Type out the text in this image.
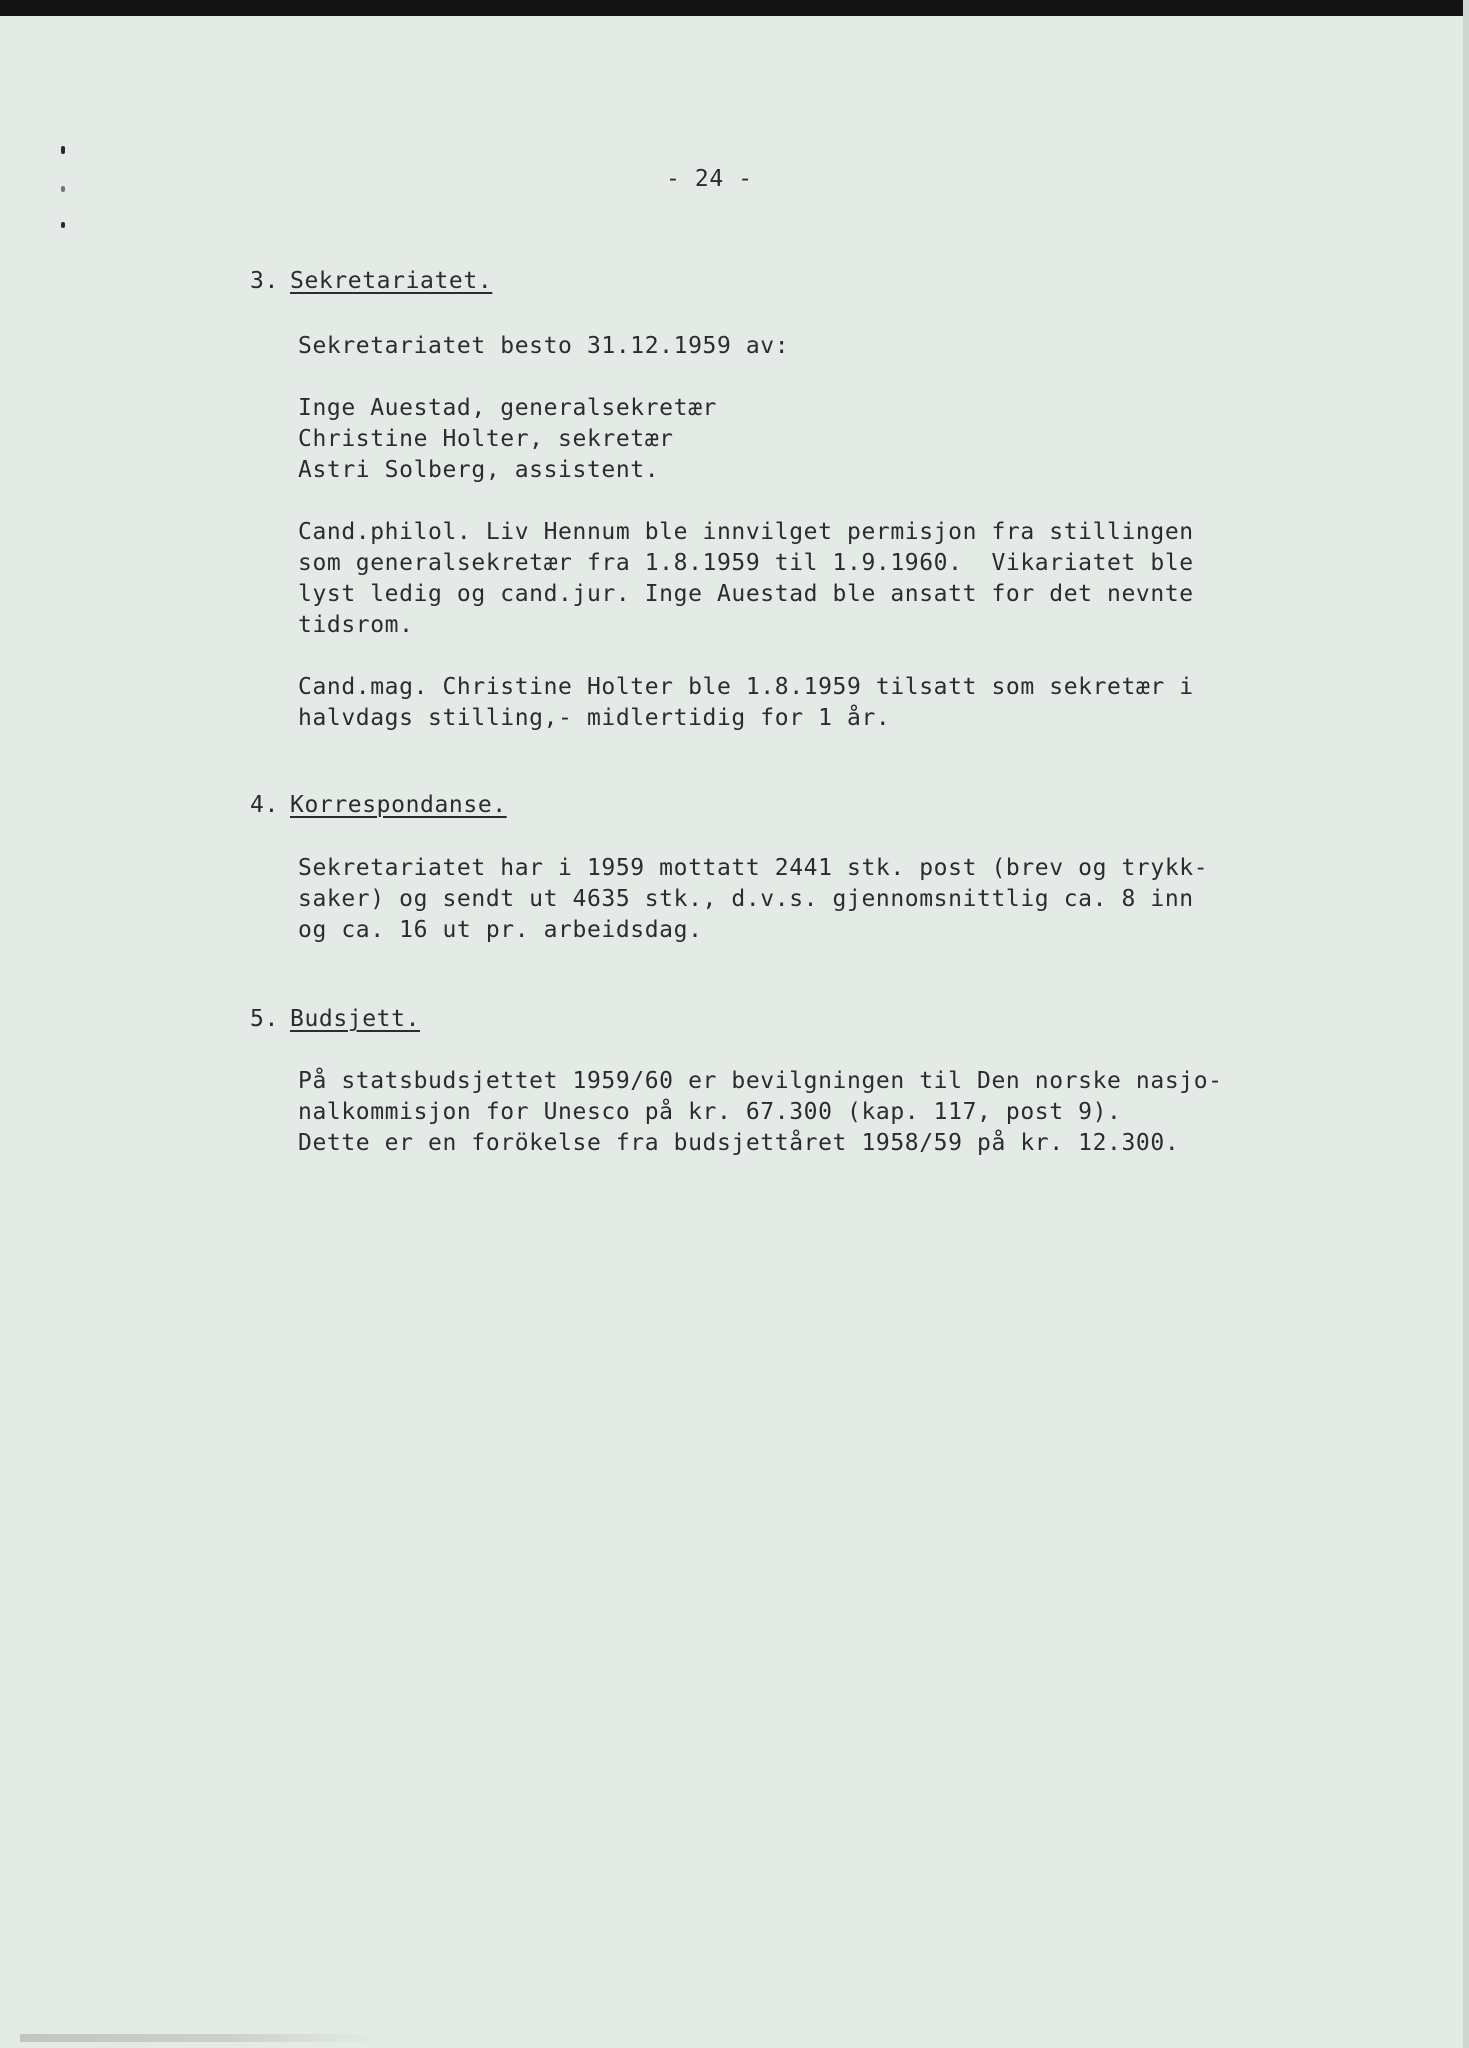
- 24 -
3. Sekretariatet.
Sekretariatet besto 31.12.1959 av:
Inge Auestad, generalsekretær
Christine Holter, sekretær
Astri Solberg, assistent.
Cand.philol. Liv Hennum ble innvilget permisjon fra stillingen
som generalsekretær fra 1.8.1959 til 1.9.1960.  Vikariatet ble
lyst ledig og cand.jur. Inge Auestad ble ansatt for det nevnte
tidsrom.
Cand.mag. Christine Holter ble 1.8.1959 tilsatt som sekretær i
halvdags stilling,- midlertidig for 1 år.
4. Korrespondanse.
Sekretariatet har i 1959 mottatt 2441 stk. post (brev og trykk-
saker) og sendt ut 4635 stk., d.v.s. gjennomsnittlig ca. 8 inn
og ca. 16 ut pr. arbeidsdag.
5. Budsjett.
På statsbudsjettet 1959/60 er bevilgningen til Den norske nasjo-
nalkommisjon for Unesco på kr. 67.300 (kap. 117, post 9).
Dette er en forökelse fra budsjettåret 1958/59 på kr. 12.300.
